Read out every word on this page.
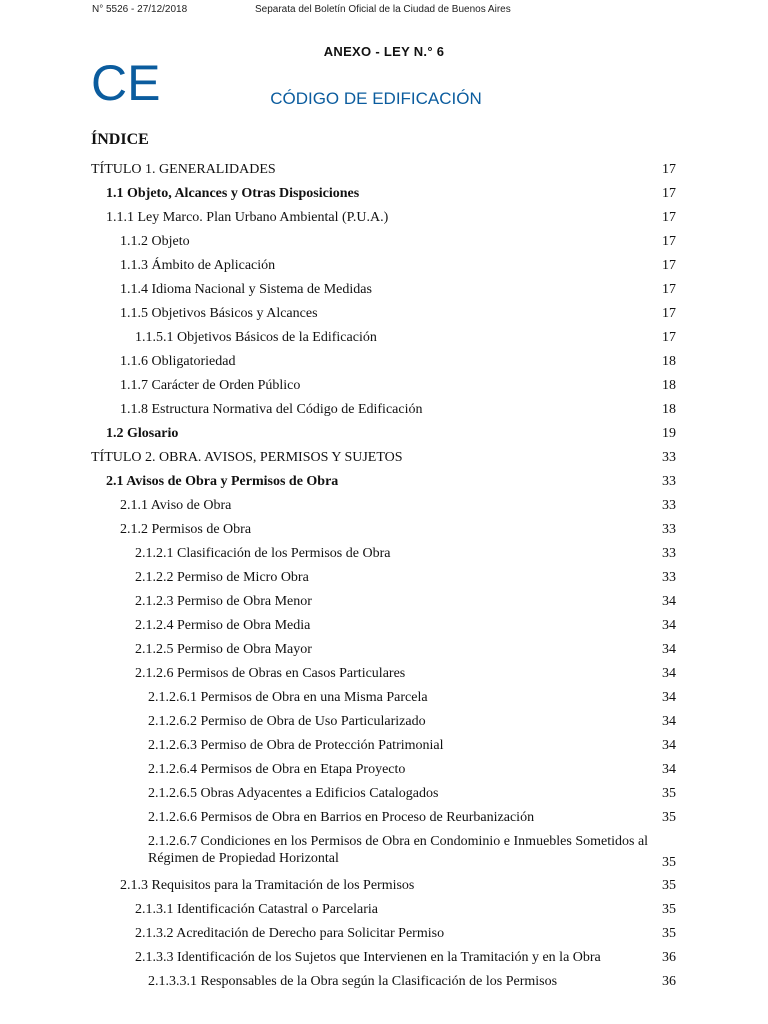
N° 5526 - 27/12/2018	Separata del Boletín Oficial de la Ciudad de Buenos Aires
ANEXO - LEY N.° 6
CE	CÓDIGO DE EDIFICACIÓN
ÍNDICE
TÍTULO 1. GENERALIDADES	17
1.1 Objeto, Alcances y Otras Disposiciones	17
1.1.1 Ley Marco. Plan Urbano Ambiental (P.U.A.)	17
1.1.2 Objeto	17
1.1.3 Ámbito de Aplicación	17
1.1.4 Idioma Nacional y Sistema de Medidas	17
1.1.5 Objetivos Básicos y Alcances	17
1.1.5.1 Objetivos Básicos de la Edificación	17
1.1.6 Obligatoriedad	18
1.1.7 Carácter de Orden Público	18
1.1.8 Estructura Normativa del Código de Edificación	18
1.2 Glosario	19
TÍTULO 2. OBRA. AVISOS, PERMISOS Y SUJETOS	33
2.1 Avisos de Obra y Permisos de Obra	33
2.1.1 Aviso de Obra	33
2.1.2 Permisos de Obra	33
2.1.2.1 Clasificación de los Permisos de Obra	33
2.1.2.2 Permiso de Micro Obra	33
2.1.2.3 Permiso de Obra Menor	34
2.1.2.4 Permiso de Obra Media	34
2.1.2.5 Permiso de Obra Mayor	34
2.1.2.6 Permisos de Obras en Casos Particulares	34
2.1.2.6.1 Permisos de Obra en una Misma Parcela	34
2.1.2.6.2 Permiso de Obra de Uso Particularizado	34
2.1.2.6.3 Permiso de Obra de Protección Patrimonial	34
2.1.2.6.4 Permisos de Obra en Etapa Proyecto	34
2.1.2.6.5 Obras Adyacentes a Edificios Catalogados	35
2.1.2.6.6 Permisos de Obra en Barrios en Proceso de Reurbanización	35
2.1.2.6.7 Condiciones en los Permisos de Obra en Condominio e Inmuebles Sometidos al Régimen de Propiedad Horizontal	35
2.1.3 Requisitos para la Tramitación de los Permisos	35
2.1.3.1 Identificación Catastral o Parcelaria	35
2.1.3.2 Acreditación de Derecho para Solicitar Permiso	35
2.1.3.3 Identificación de los Sujetos que Intervienen en la Tramitación y en la Obra	36
2.1.3.3.1 Responsables de la Obra según la Clasificación de los Permisos	36
